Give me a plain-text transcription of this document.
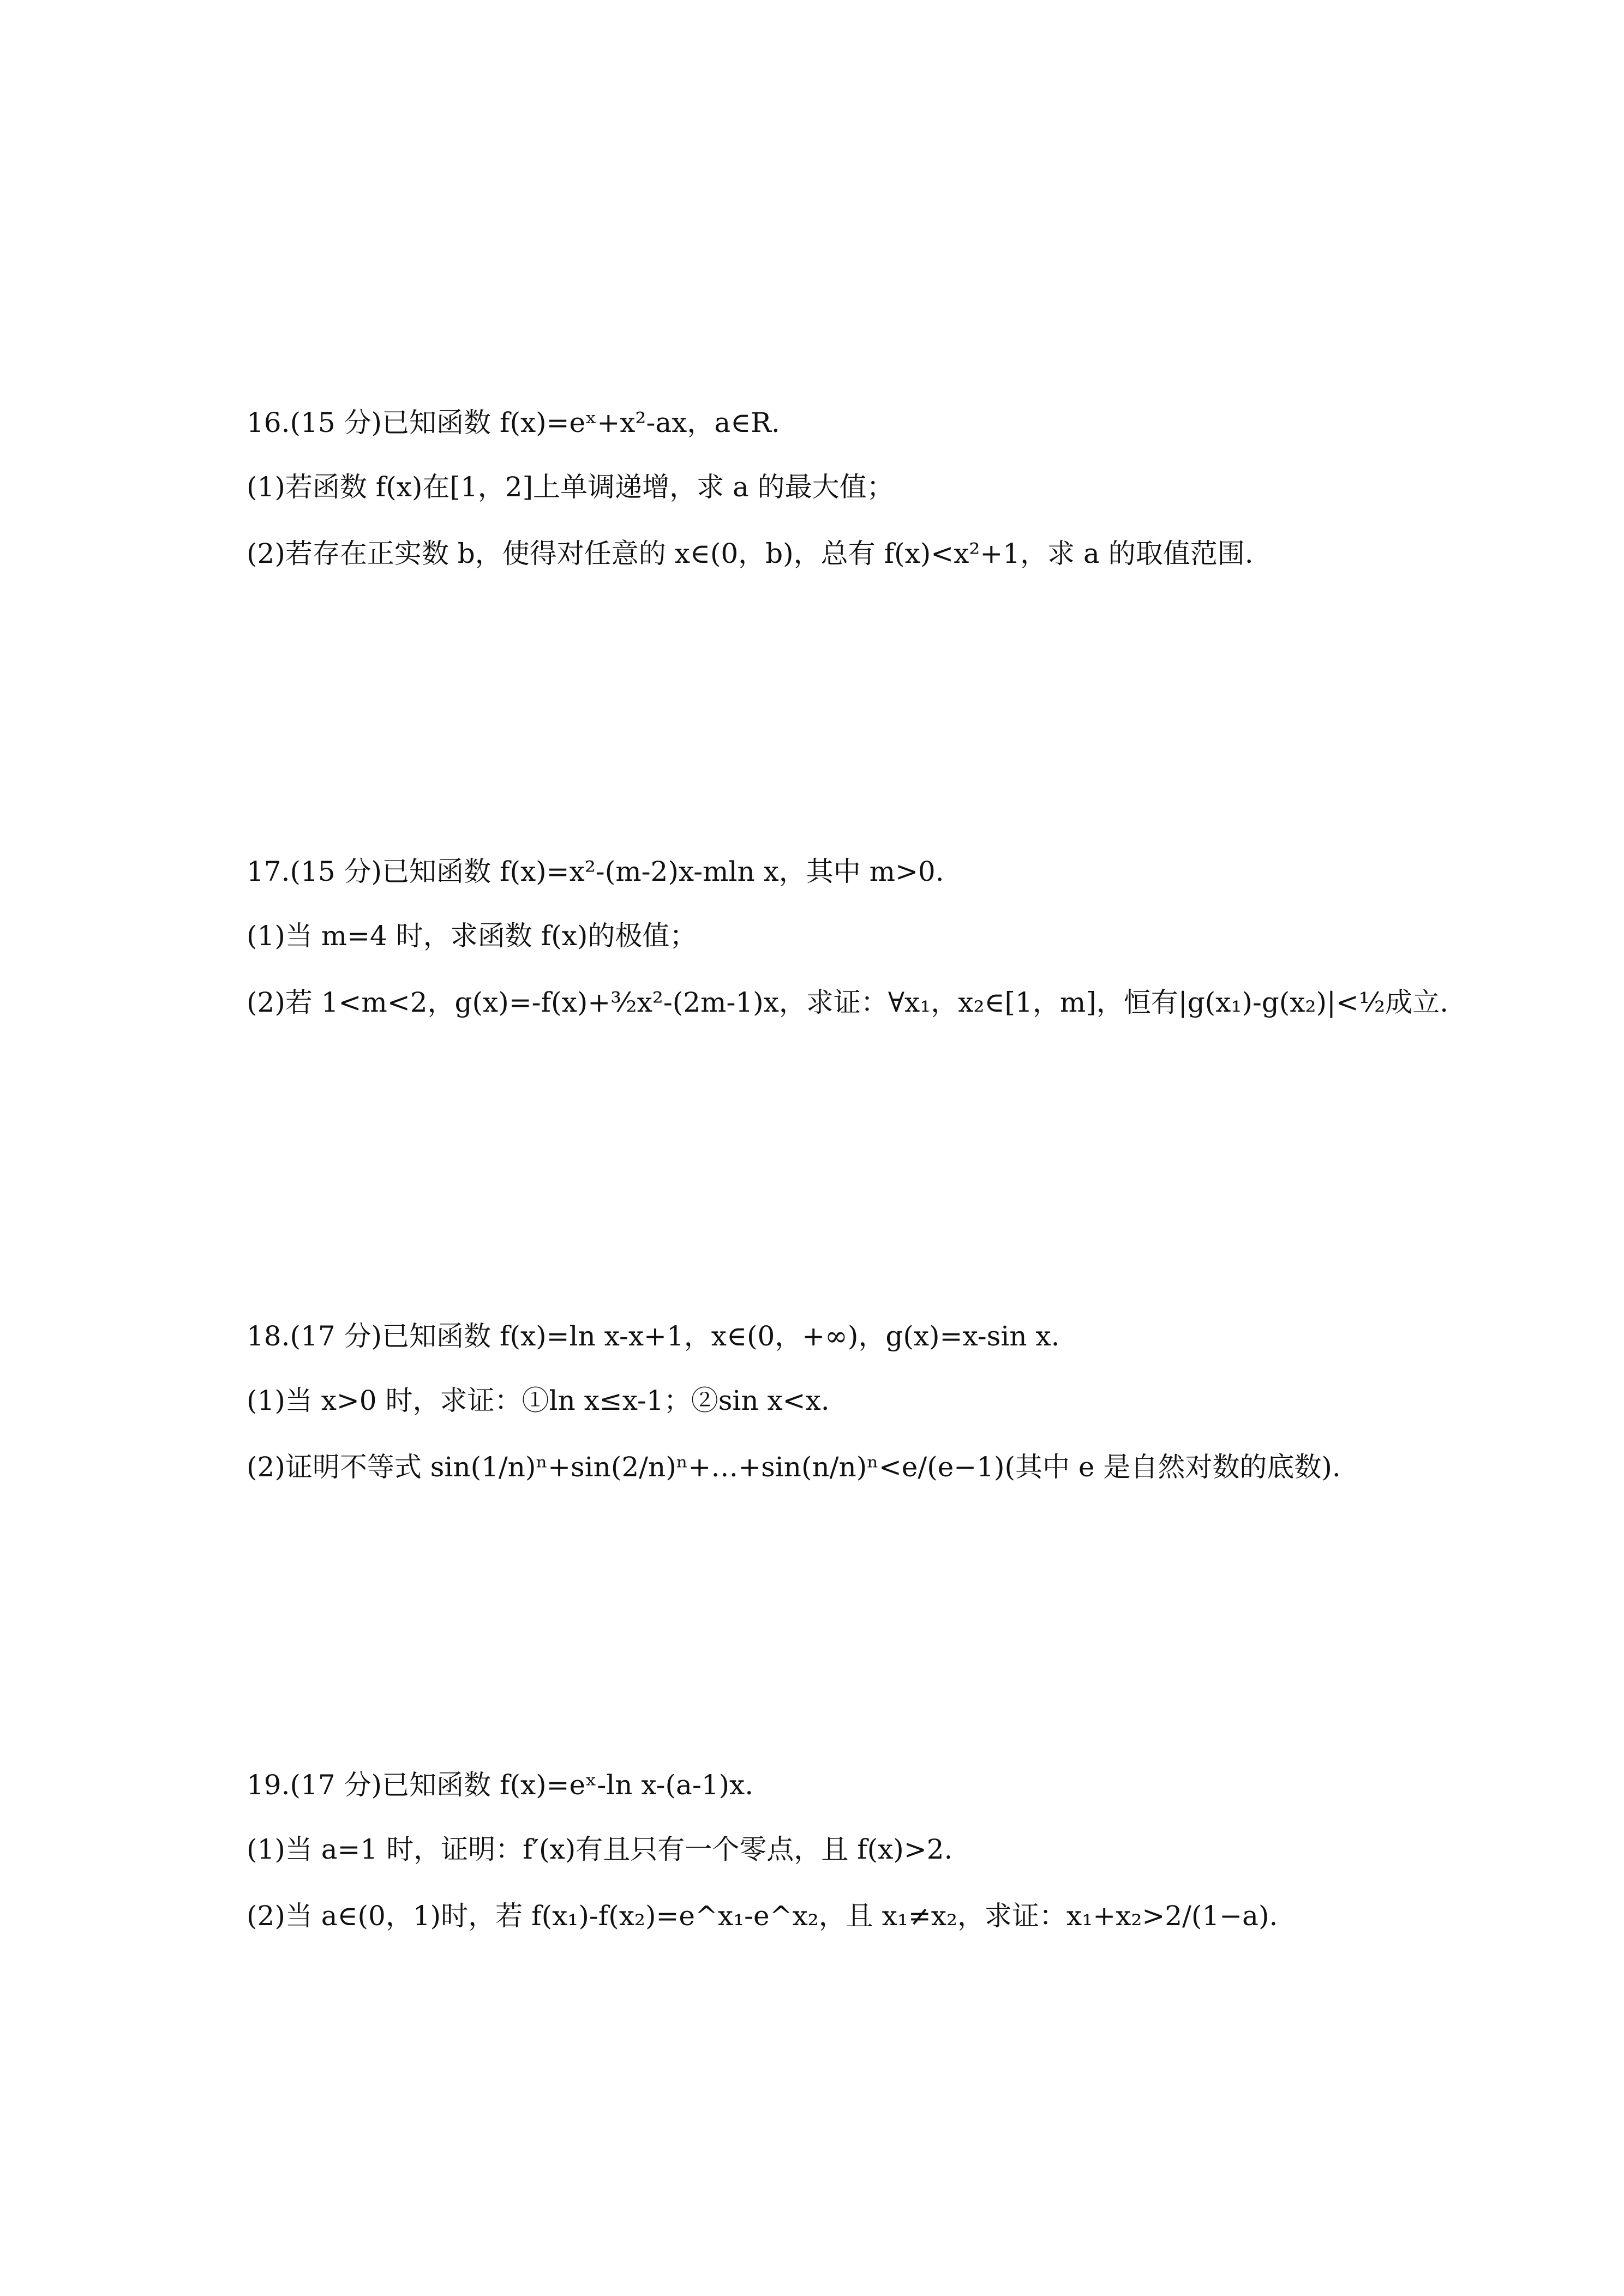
16.(15 分)已知函数 f(x)=eˣ+x²-ax，a∈R.
(1)若函数 f(x)在[1，2]上单调递增，求 a 的最大值；
(2)若存在正实数 b，使得对任意的 x∈(0，b)，总有 f(x)<x²+1，求 a 的取值范围.
17.(15 分)已知函数 f(x)=x²-(m-2)x-mln x，其中 m>0.
(1)当 m=4 时，求函数 f(x)的极值；
(2)若 1<m<2，g(x)=-f(x)+³⁄₂x²-(2m-1)x，求证：∀x₁，x₂∈[1，m]，恒有|g(x₁)-g(x₂)|<½成立.
18.(17 分)已知函数 f(x)=ln x-x+1，x∈(0，+∞)，g(x)=x-sin x.
(1)当 x>0 时，求证：①ln x≤x-1；②sin x<x.
(2)证明不等式 sin(1/n)ⁿ+sin(2/n)ⁿ+…+sin(n/n)ⁿ<e/(e−1)(其中 e 是自然对数的底数).
19.(17 分)已知函数 f(x)=eˣ-ln x-(a-1)x.
(1)当 a=1 时，证明：f′(x)有且只有一个零点，且 f(x)>2.
(2)当 a∈(0，1)时，若 f(x₁)-f(x₂)=e^x₁-e^x₂，且 x₁≠x₂，求证：x₁+x₂>2/(1−a).
